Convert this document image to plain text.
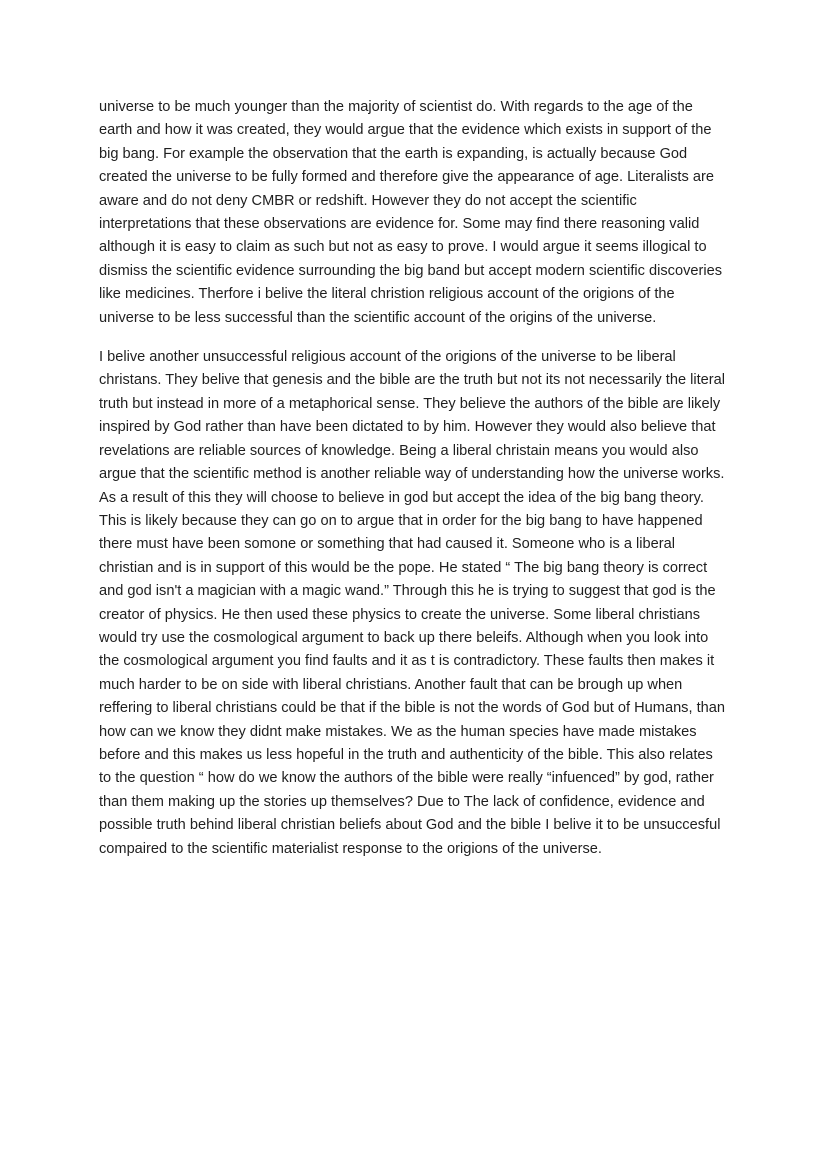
universe to be much younger than the majority of scientist do. With regards to the age of the earth and how it was created, they would argue that the evidence which exists in support of the big bang. For example the observation that the earth is expanding, is actually because God created the universe to be fully formed and therefore give the appearance of age. Literalists are aware and do not deny CMBR or redshift. However they do not accept the scientific interpretations that these observations are evidence for. Some may find there reasoning valid although it is easy to claim as such but not as easy to prove. I would argue it seems illogical to dismiss the scientific evidence surrounding the big band but accept modern scientific discoveries like medicines. Therfore i belive the literal christion religious account of the origions of the universe to be less successful than the scientific account of the origins of the universe.

I belive another unsuccessful religious account of the origions of the universe to be liberal christans. They belive that genesis and the bible are the truth but not its not necessarily the literal truth but instead in more of a metaphorical sense. They believe the authors of the bible are likely inspired by God rather than have been dictated to by him. However they would also believe that revelations are reliable sources of knowledge. Being a liberal christain means you would also argue that the scientific method is another reliable way of understanding how the universe works. As a result of this they will choose to believe in god but accept the idea of the big bang theory. This is likely because they can go on to argue that in order for the big bang to have happened there must have been somone or something that had caused it. Someone who is a liberal christian and is in support of this would be the pope. He stated “ The big bang theory is correct and god isn't a magician with a magic wand.” Through this he is trying to suggest that god is the creator of physics. He then used these physics to create the universe. Some liberal christians would try use the cosmological argument to back up there beleifs. Although when you look into the cosmological argument you find faults and it as t is contradictory. These faults then makes it much harder to be on side with liberal christians. Another fault that can be brough up when reffering to liberal christians could be that if the bible is not the words of God but of Humans, than how can we know they didnt make mistakes. We as the human species have made mistakes before and this makes us less hopeful in the truth and authenticity of the bible. This also relates to the question “ how do we know the authors of the bible were really “infuenced” by god, rather than them making up the stories up themselves? Due to The lack of confidence, evidence and possible truth behind liberal christian beliefs about God and the bible I belive it to be unsuccesful compaired to the scientific materialist response to the origions of the universe.
